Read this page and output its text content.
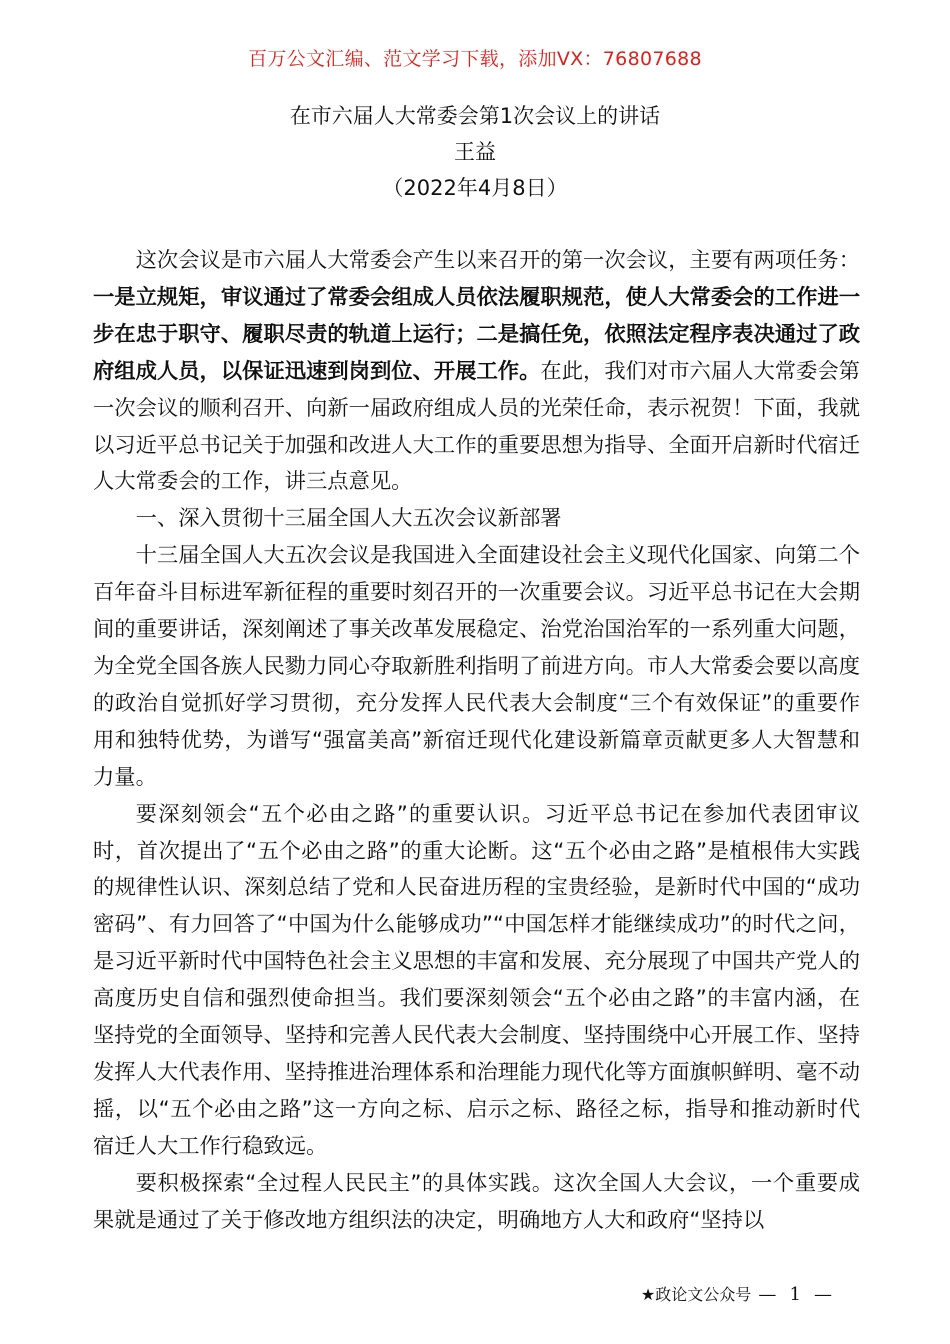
百万公文汇编、范文学习下载，添加VX：76807688
在市六届人大常委会第1次会议上的讲话
王益
（2022年4月8日）

这次会议是市六届人大常委会产生以来召开的第一次会议，主要有两项任务：一是立规矩，审议通过了常委会组成人员依法履职规范，使人大常委会的工作进一步在忠于职守、履职尽责的轨道上运行；二是搞任免，依照法定程序表决通过了政府组成人员，以保证迅速到岗到位、开展工作。在此，我们对市六届人大常委会第一次会议的顺利召开、向新一届政府组成人员的光荣任命，表示祝贺！下面，我就以习近平总书记关于加强和改进人大工作的重要思想为指导、全面开启新时代宿迁人大常委会的工作，讲三点意见。

一、深入贯彻十三届全国人大五次会议新部署

十三届全国人大五次会议是我国进入全面建设社会主义现代化国家、向第二个百年奋斗目标进军新征程的重要时刻召开的一次重要会议。习近平总书记在大会期间的重要讲话，深刻阐述了事关改革发展稳定、治党治国治军的一系列重大问题，为全党全国各族人民勠力同心夺取新胜利指明了前进方向。市人大常委会要以高度的政治自觉抓好学习贯彻，充分发挥人民代表大会制度“三个有效保证”的重要作用和独特优势，为谱写“强富美高”新宿迁现代化建设新篇章贡献更多人大智慧和力量。

要深刻领会“五个必由之路”的重要认识。习近平总书记在参加代表团审议时，首次提出了“五个必由之路”的重大论断。这“五个必由之路”是植根伟大实践的规律性认识、深刻总结了党和人民奋进历程的宝贵经验，是新时代中国的“成功密码”、有力回答了“中国为什么能够成功”“中国怎样才能继续成功”的时代之问，是习近平新时代中国特色社会主义思想的丰富和发展、充分展现了中国共产党人的高度历史自信和强烈使命担当。我们要深刻领会“五个必由之路”的丰富内涵，在坚持党的全面领导、坚持和完善人民代表大会制度、坚持围绕中心开展工作、坚持发挥人大代表作用、坚持推进治理体系和治理能力现代化等方面旗帜鲜明、毫不动摇，以“五个必由之路”这一方向之标、启示之标、路径之标，指导和推动新时代宿迁人大工作行稳致远。

要积极探索“全过程人民民主”的具体实践。这次全国人大会议，一个重要成果就是通过了关于修改地方组织法的决定，明确地方人大和政府“坚持以

★政论文公众号 — 1 —
